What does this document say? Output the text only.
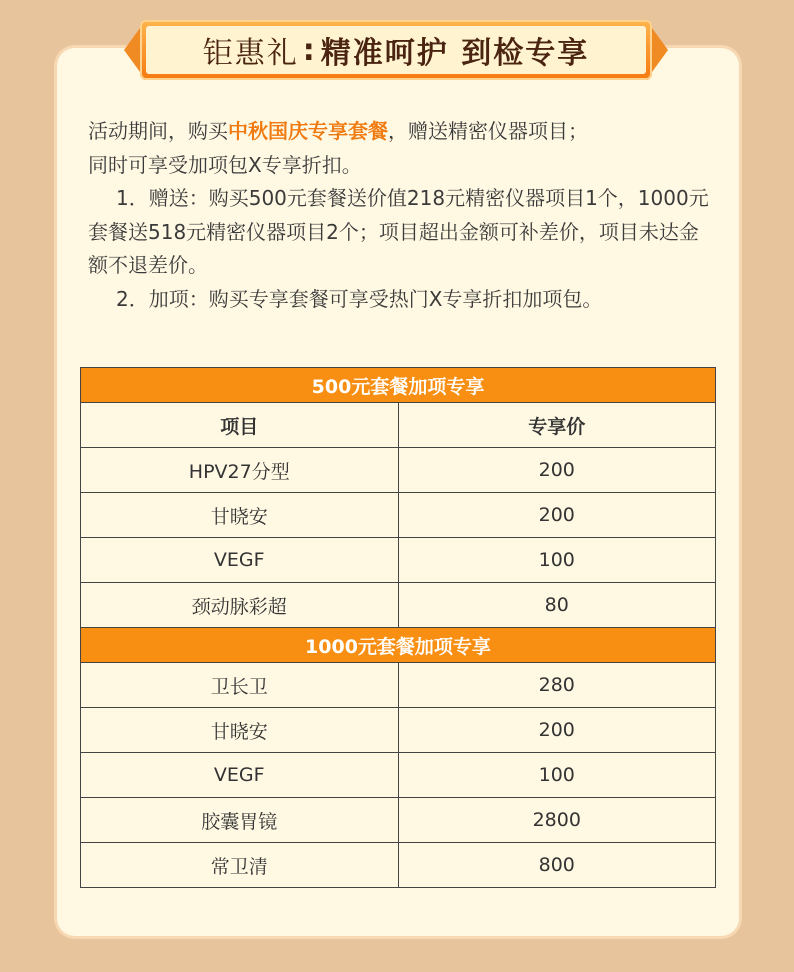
钜惠礼 : 精准呵护 到检专享

活动期间，购买中秋国庆专享套餐，赠送精密仪器项目；

同时可享受加项包X专享折扣。

1．赠送：购买500元套餐送价值218元精密仪器项目1个，1000元套餐送518元精密仪器项目2个；项目超出金额可补差价，项目未达金额不退差价。

2．加项：购买专享套餐可享受热门X专享折扣加项包。

500元套餐加项专享	
项目	专享价
HPV27分型	200
甘晓安	200
VEGF	100
颈动脉彩超	80
1000元套餐加项专享	
卫长卫	280
甘晓安	200
VEGF	100
胶囊胃镜	2800
常卫清	800
